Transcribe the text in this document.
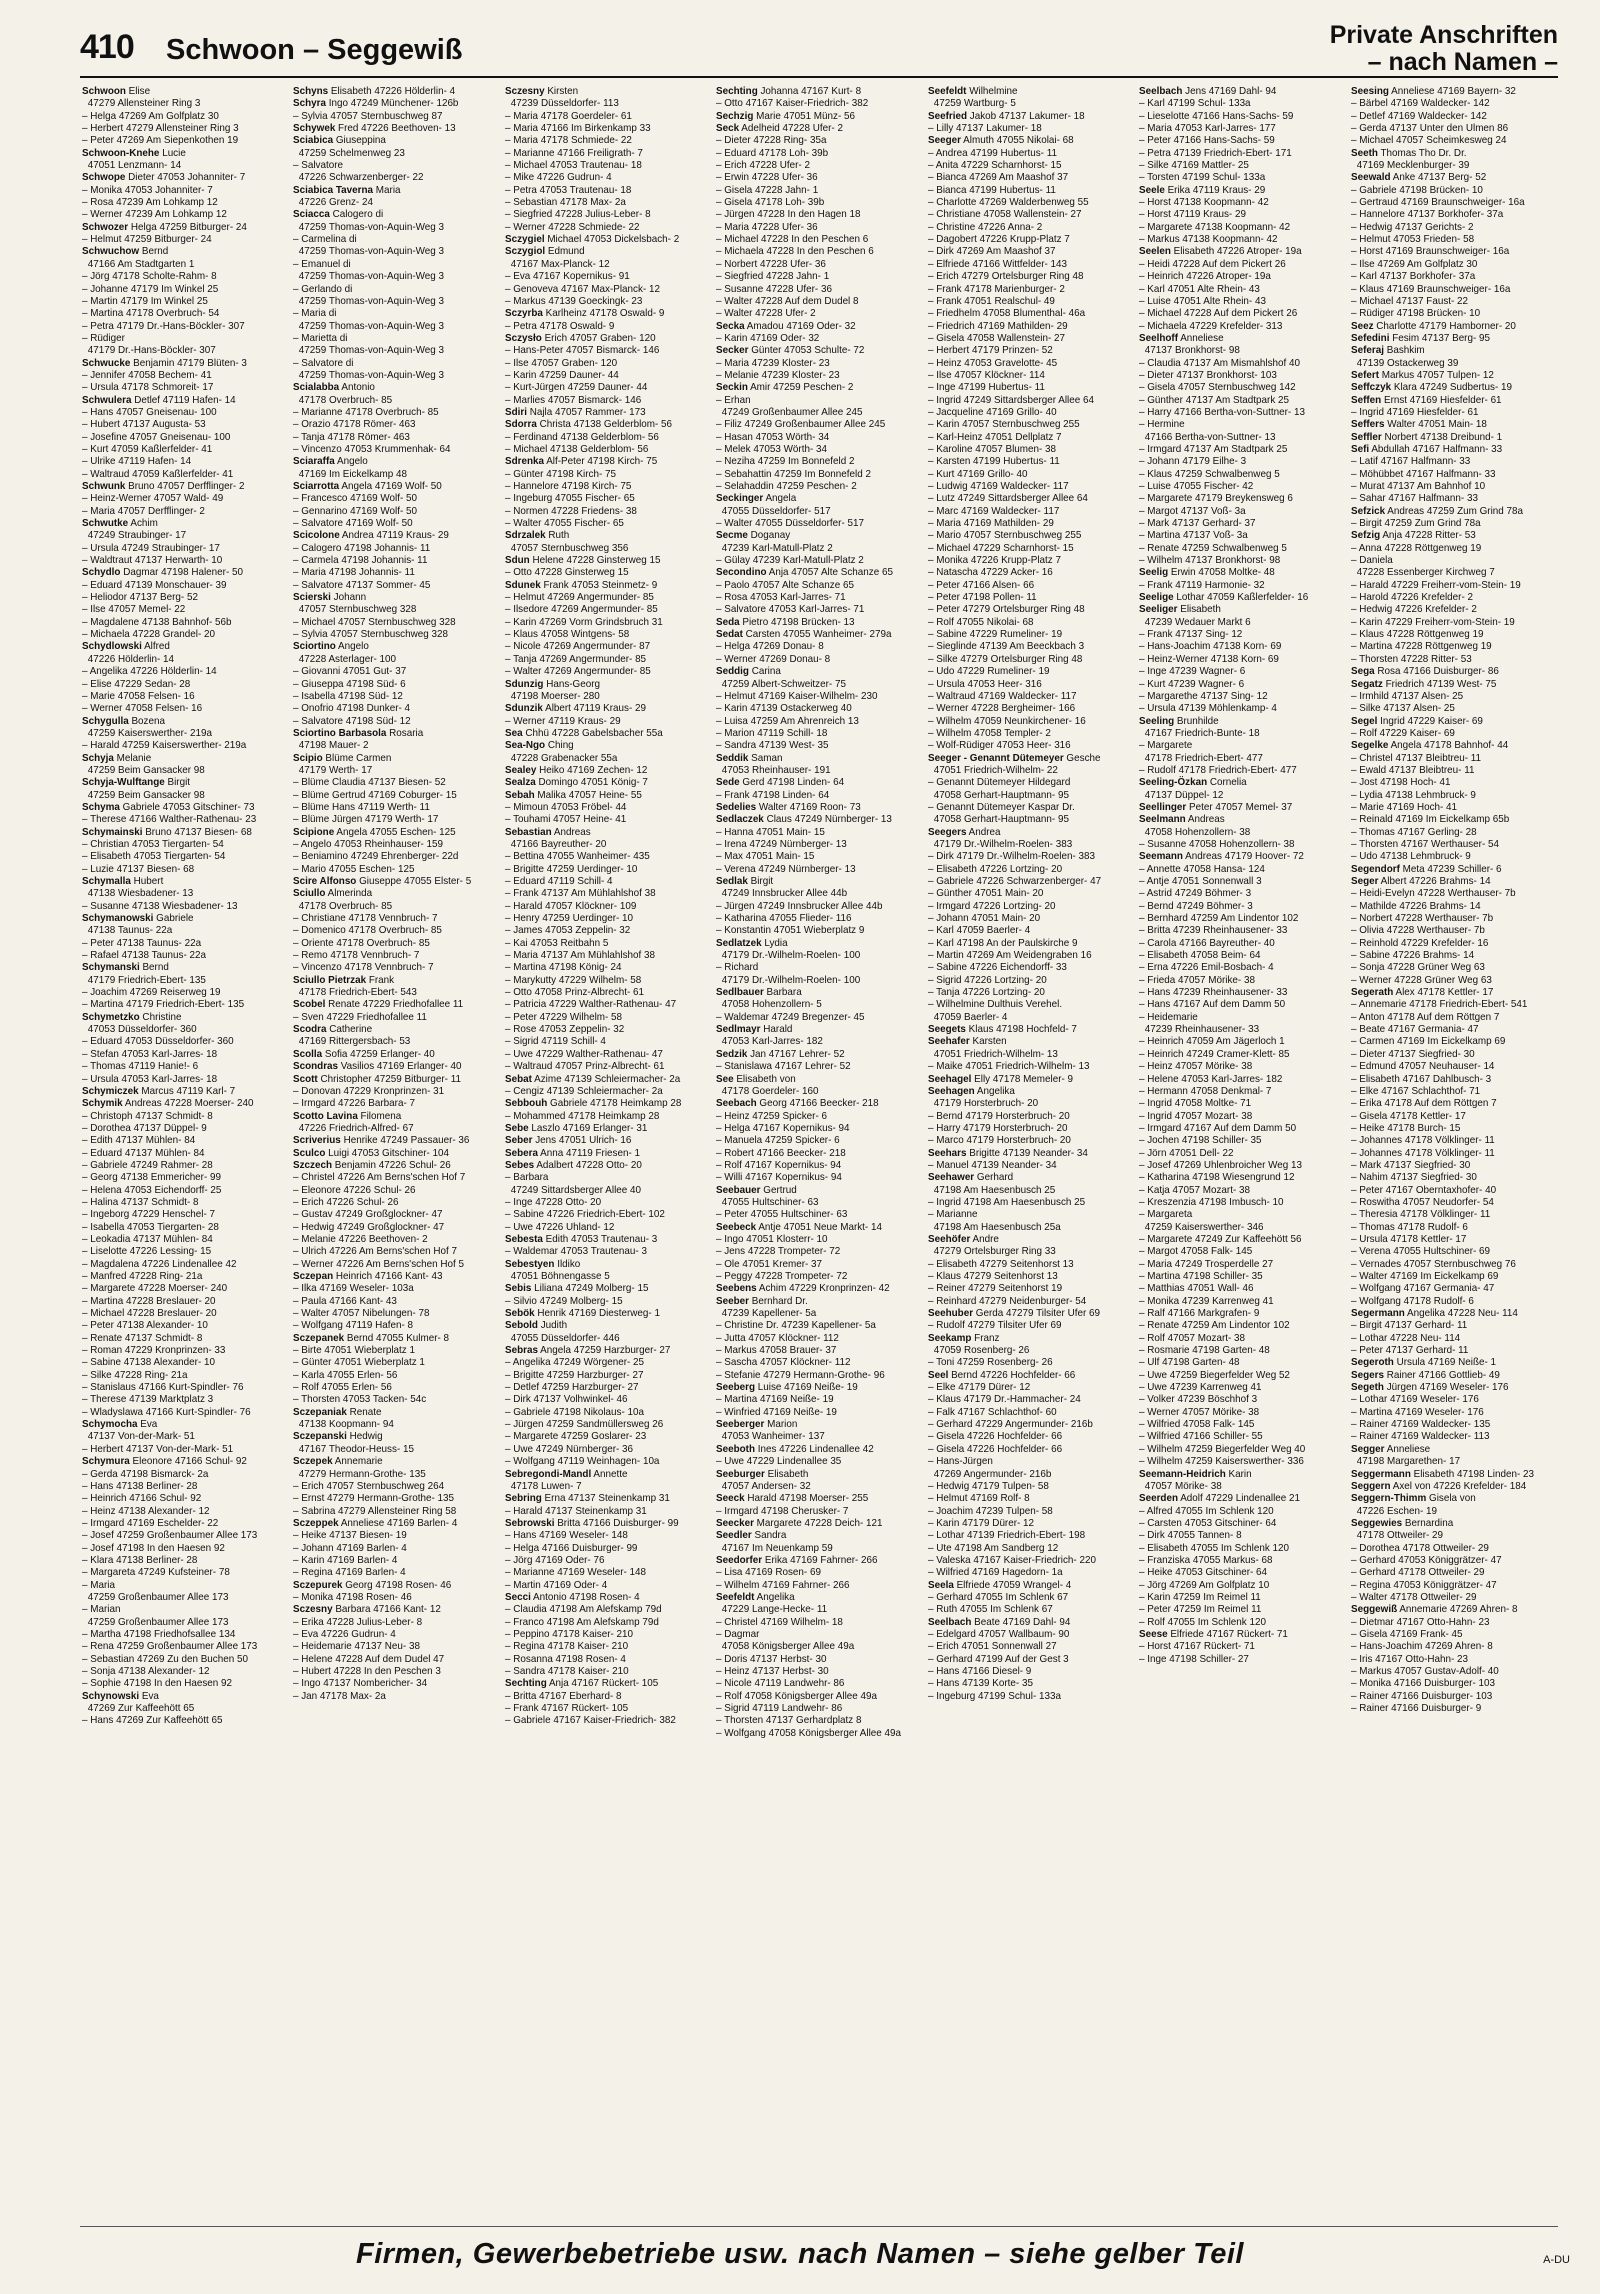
410 Schwoon – Seggewiß	Private Anschriften
– nach Namen –
Schwoon Elise
47279 Allensteiner Ring 3
– Helga 47269 Am Golfplatz 30
– Herbert 47279 Allensteiner Ring 3
– Peter 47269 Am Siepenkothen 19
Schwoon-Knehe Lucie
47051 Lenzmann- 14
Schwope Dieter 47053 Johanniter- 7
– Monika 47053 Johanniter- 7
– Rosa 47239 Am Lohkamp 12
– Werner 47239 Am Lohkamp 12
Schwozer Helga 47259 Bitburger- 24
– Helmut 47259 Bitburger- 24
Schwuchow Bernd
47166 Am Stadtgarten 1
– Jörg 47178 Scholte-Rahm- 8
– Johanne 47179 Im Winkel 25
– Martin 47179 Im Winkel 25
– Martina 47178 Overbruch- 54
– Petra 47179 Dr.-Hans-Böckler- 307
– Rüdiger
47179 Dr.-Hans-Böckler- 307
Schwucke Benjamin 47179 Blüten- 3
– Jennifer 47058 Bechem- 41
– Ursula 47178 Schmoreit- 17
Schwulera Detlef 47119 Hafen- 14
– Hans 47057 Gneisenau- 100
– Hubert 47137 Augusta- 53
– Josefine 47057 Gneisenau- 100
– Kurt 47059 Kaßlerfelder- 41
– Ulrike 47119 Hafen- 14
– Waltraud 47059 Kaßlerfelder- 41
Schwunk Bruno 47057 Derfflinger- 2
– Heinz-Werner 47057 Wald- 49
– Maria 47057 Derfflinger- 2
Schwutke Achim
47249 Straubinger- 17
– Ursula 47249 Straubinger- 17
– Waldtraut 47137 Herwarth- 10
Schydlo Dagmar 47198 Halener- 50
– Eduard 47139 Monschauer- 39
– Heliodor 47137 Berg- 52
– Ilse 47057 Memel- 22
– Magdalene 47138 Bahnhof- 56b
– Michaela 47228 Grandel- 20
Schydlowski Alfred
47226 Hölderlin- 14
– Angelika 47226 Hölderlin- 14
– Elise 47229 Sedan- 28
– Marie 47058 Felsen- 16
– Werner 47058 Felsen- 16
Schygulla Bozena
47259 Kaiserswerther- 219a
– Harald 47259 Kaiserswerther- 219a
Schyja Melanie
47259 Beim Gansacker 98
Schyja-Wulftange Birgit
47259 Beim Gansacker 98
Schyma Gabriele 47053 Gitschiner- 73
– Therese 47166 Walther-Rathenau- 23
Schymainski Bruno 47137 Biesen- 68
– Christian 47053 Tiergarten- 54
– Elisabeth 47053 Tiergarten- 54
– Luzie 47137 Biesen- 68
Schymalla Hubert
47138 Wiesbadener- 13
– Susanne 47138 Wiesbadener- 13
Schymanowski Gabriele
47138 Taunus- 22a
– Peter 47138 Taunus- 22a
– Rafael 47138 Taunus- 22a
Schymanski Bernd
47179 Friedrich-Ebert- 135
– Joachim 47269 Reiserweg 19
– Martina 47179 Friedrich-Ebert- 135
Schymetzko Christine
47053 Düsseldorfer- 360
– Eduard 47053 Düsseldorfer- 360
– Stefan 47053 Karl-Jarres- 18
– Thomas 47119 Hanie!- 6
– Ursula 47053 Karl-Jarres- 18
Schymiczek Marcus 47119 Karl- 7
Schymik Andreas 47228 Moerser- 240
– Christoph 47137 Schmidt- 8
– Dorothea 47137 Düppel- 9
– Edith 47137 Mühlen- 84
– Eduard 47137 Mühlen- 84
– Gabriele 47249 Rahmer- 28
– Georg 47138 Emmericher- 99
– Helena 47053 Eichendorff- 25
– Halina 47137 Schmidt- 8
– Ingeborg 47229 Henschel- 7
– Isabella 47053 Tiergarten- 28
– Leokadia 47137 Mühlen- 84
– Liselotte 47226 Lessing- 15
– Magdalena 47226 Lindenallee 42
– Manfred 47228 Ring- 21a
– Margarete 47228 Moerser- 240
– Martina 47228 Breslauer- 20
– Michael 47228 Breslauer- 20
– Peter 47138 Alexander- 10
– Renate 47137 Schmidt- 8
– Roman 47229 Kronprinzen- 33
– Sabine 47138 Alexander- 10
– Silke 47228 Ring- 21a
– Stanislaus 47166 Kurt-Spindler- 76
– Therese 47139 Marktplatz 3
– Wladyslawa 47166 Kurt-Spindler- 76
Schymocha Eva
47137 Von-der-Mark- 51
– Herbert 47137 Von-der-Mark- 51
Schymura Eleonore 47166 Schul- 92
– Gerda 47198 Bismarck- 2a
– Hans 47138 Berliner- 28
– Heinrich 47166 Schul- 92
– Heinz 47138 Alexander- 12
– Irmgard 47169 Eschelder- 22
– Josef 47259 Großenbaumer Allee 173
– Josef 47198 In den Haesen 92
– Klara 47138 Berliner- 28
– Margareta 47249 Kufsteiner- 78
– Maria
47259 Großenbaumer Allee 173
– Marian
47259 Großenbaumer Allee 173
– Martha 47198 Friedhofsallee 134
– Rena 47259 Großenbaumer Allee 173
– Sebastian 47269 Zu den Buchen 50
– Sonja 47138 Alexander- 12
– Sophie 47198 In den Haesen 92
Schynowski Eva
47269 Zur Kaffeehött 65
– Hans 47269 Zur Kaffeehött 65
Schyns Elisabeth 47226 Hölderlin- 4
Schyra Ingo 47249 Münchener- 126b
– Sylvia 47057 Sternbuschweg 87
Schywek Fred 47226 Beethoven- 13
Sciabica Giuseppina
47259 Schelmenweg 23
– Salvatore
47226 Schwarzenberger- 22
Sciabica Taverna Maria
47226 Grenz- 24
Sciacca Calogero di
47259 Thomas-von-Aquin-Weg 3
– Carmelina di
47259 Thomas-von-Aquin-Weg 3
– Emanuel di
47259 Thomas-von-Aquin-Weg 3
– Gerlando di
47259 Thomas-von-Aquin-Weg 3
– Maria di
47259 Thomas-von-Aquin-Weg 3
– Marietta di
47259 Thomas-von-Aquin-Weg 3
– Salvatore di
47259 Thomas-von-Aquin-Weg 3
Scialabba Antonio
47178 Overbruch- 85
– Marianne 47178 Overbruch- 85
– Orazio 47178 Römer- 463
– Tanja 47178 Römer- 463
– Vincenzo 47053 Krummenhak- 64
Sciaraffa Angelo
47169 Im Eickelkamp 48
Sciarrotta Angela 47169 Wolf- 50
– Francesco 47169 Wolf- 50
– Gennarino 47169 Wolf- 50
– Salvatore 47169 Wolf- 50
Scicolone Andrea 47119 Kraus- 29
– Calogero 47198 Johannis- 11
– Carmela 47198 Johannis- 11
– Maria 47198 Johannis- 11
– Salvatore 47137 Sommer- 45
Scierski Johann
47057 Sternbuschweg 328
– Michael 47057 Sternbuschweg 328
– Sylvia 47057 Sternbuschweg 328
Sciortino Angelo
47228 Asterlager- 100
– Giovanni 47051 Gut- 37
– Giuseppa 47198 Süd- 6
– Isabella 47198 Süd- 12
– Onofrio 47198 Dunker- 4
– Salvatore 47198 Süd- 12
Sciortino Barbasola Rosaria
47198 Mauer- 2
Scipio Blüme Carmen
47179 Werth- 17
– Blüme Claudia 47137 Biesen- 52
– Blüme Gertrud 47169 Coburger- 15
– Blüme Hans 47119 Werth- 11
– Blüme Jürgen 47179 Werth- 17
Scipione Angela 47055 Eschen- 125
– Angelo 47053 Rheinhauser- 159
– Beniamino 47249 Ehrenberger- 22d
– Mario 47055 Eschen- 125
Scire Alfonso Giuseppe 47055 Elster- 5
Sciullo Almerinda
47178 Overbruch- 85
– Christiane 47178 Vennbruch- 7
– Domenico 47178 Overbruch- 85
– Oriente 47178 Overbruch- 85
– Remo 47178 Vennbruch- 7
– Vincenzo 47178 Vennbruch- 7
Sciullo Pietrzak Frank
47178 Friedrich-Ebert- 543
Scobel Renate 47229 Friedhofallee 11
– Sven 47229 Friedhofallee 11
Scodra Catherine
47169 Rittergersbach- 53
Scolla Sofia 47259 Erlanger- 40
Scondras Vasilios 47169 Erlanger- 40
Scott Christopher 47259 Bitburger- 11
– Donovan 47229 Kronprinzen- 31
– Irmgard 47226 Barbara- 7
Scotto Lavina Filomena
47226 Friedrich-Alfred- 67
Scriverius Henrike 47249 Passauer- 36
Sculco Luigi 47053 Gitschiner- 104
Szczech Benjamin 47226 Schul- 26
– Christel 47226 Am Berns'schen Hof 7
– Eleonore 47226 Schul- 26
– Erich 47226 Schul- 26
– Gustav 47249 Großglockner- 47
– Hedwig 47249 Großglockner- 47
– Melanie 47226 Beethoven- 2
– Ulrich 47226 Am Berns'schen Hof 7
– Werner 47226 Am Berns'schen Hof 5
Sczepan Heinrich 47166 Kant- 43
– Ilka 47169 Weseler- 103a
– Paula 47166 Kant- 43
– Walter 47057 Nibelungen- 78
– Wolfgang 47119 Hafen- 8
Sczepanek Bernd 47055 Kulmer- 8
– Birte 47051 Wieberplatz 1
– Günter 47051 Wieberplatz 1
– Karla 47055 Erlen- 56
– Rolf 47055 Erlen- 56
– Thorsten 47053 Tacken- 54c
Sczepaniak Renate
47138 Koopmann- 94
Sczepanski Hedwig
47167 Theodor-Heuss- 15
Sczepek Annemarie
47279 Hermann-Grothe- 135
– Erich 47057 Sternbuschweg 264
– Ernst 47279 Hermann-Grothe- 135
– Sabrina 47279 Allensteiner Ring 58
Sczeppek Anneliese 47169 Barlen- 4
– Heike 47137 Biesen- 19
– Johann 47169 Barlen- 4
– Karin 47169 Barlen- 4
– Regina 47169 Barlen- 4
Sczepurek Georg 47198 Rosen- 46
– Monika 47198 Rosen- 46
Sczesny Barbara 47166 Kant- 12
– Erika 47228 Julius-Leber- 8
– Eva 47226 Gudrun- 4
– Heidemarie 47137 Neu- 38
– Helene 47228 Auf dem Dudel 47
– Hubert 47228 In den Peschen 3
– Ingo 47137 Nombericher- 34
– Jan 47178 Max- 2a
Sczesny Kirsten
47239 Düsseldorfer- 113
– Maria 47178 Goerdeler- 61
– Maria 47166 Im Birkenkamp 33
– Maria 47178 Schmiede- 22
– Marianne 47166 Freiligrath- 7
– Michael 47053 Trautenau- 18
– Mike 47226 Gudrun- 4
– Petra 47053 Trautenau- 18
– Sebastian 47178 Max- 2a
– Siegfried 47228 Julius-Leber- 8
– Werner 47228 Schmiede- 22
Sczygiel Michael 47053 Dickelsbach- 2
Sczygiol Edmund
47167 Max-Planck- 12
– Eva 47167 Kopernikus- 91
– Genoveva 47167 Max-Planck- 12
– Markus 47139 Goeckingk- 23
Sczyrba Karlheinz 47178 Oswald- 9
– Petra 47178 Oswald- 9
Sczysło Erich 47057 Graben- 120
– Hans-Peter 47057 Bismarck- 146
– Ilse 47057 Graben- 120
– Karin 47259 Dauner- 44
– Kurt-Jürgen 47259 Dauner- 44
– Marlies 47057 Bismarck- 146
Sdiri Najla 47057 Rammer- 173
Sdorra Christa 47138 Gelderblom- 56
– Ferdinand 47138 Gelderblom- 56
– Michael 47138 Gelderblom- 56
Sdrenka Alf-Peter 47198 Kirch- 75
– Günter 47198 Kirch- 75
– Hannelore 47198 Kirch- 75
– Ingeburg 47055 Fischer- 65
– Normen 47228 Friedens- 38
– Walter 47055 Fischer- 65
Sdrzalek Ruth
47057 Sternbuschweg 356
Sdun Helene 47228 Ginsterweg 15
– Otto 47228 Ginsterweg 15
Sdunek Frank 47053 Steinmetz- 9
– Helmut 47269 Angermunder- 85
– Ilsedore 47269 Angermunder- 85
– Karin 47269 Vorm Grindsbruch 31
– Klaus 47058 Wintgens- 58
– Nicole 47269 Angermunder- 87
– Tanja 47269 Angermunder- 85
– Walter 47269 Angermunder- 85
Sdunzig Hans-Georg
47198 Moerser- 280
Sdunzik Albert 47119 Kraus- 29
– Werner 47119 Kraus- 29
Sea Chhü 47228 Gabelsbacher 55a
Sea-Ngo Ching
47228 Grabenacker 55a
Sealey Heiko 47169 Zechen- 12
Sealza Domingo 47051 König- 7
Sebah Malika 47057 Heine- 55
– Mimoun 47053 Fröbel- 44
– Touhami 47057 Heine- 41
Sebastian Andreas
47166 Bayreuther- 20
– Bettina 47055 Wanheimer- 435
– Brigitte 47259 Uerdinger- 10
– Eduard 47119 Schill- 4
– Frank 47137 Am Mühlahlshof 38
– Harald 47057 Klöckner- 109
– Henry 47259 Uerdinger- 10
– James 47053 Zeppelin- 32
– Kai 47053 Reitbahn 5
– Maria 47137 Am Mühlahlshof 38
– Martina 47198 König- 24
– Marykutty 47229 Wilhelm- 58
– Otto 47058 Prinz-Albrecht- 61
– Patricia 47229 Walther-Rathenau- 47
– Peter 47229 Wilhelm- 58
– Rose 47053 Zeppelin- 32
– Sigrid 47119 Schill- 4
– Uwe 47229 Walther-Rathenau- 47
– Waltraud 47057 Prinz-Albrecht- 61
Sebat Azime 47139 Schleiermacher- 2a
– Cengiz 47139 Schleiermacher- 2a
Sebbouh Gabriele 47178 Heimkamp 28
– Mohammed 47178 Heimkamp 28
Sebe Laszlo 47169 Erlanger- 31
Seber Jens 47051 Ulrich- 16
Sebera Anna 47119 Friesen- 1
Sebes Adalbert 47228 Otto- 20
– Barbara
47249 Sittardsberger Allee 40
– Inge 47228 Otto- 20
– Sabine 47226 Friedrich-Ebert- 102
– Uwe 47226 Uhland- 12
Sebesta Edith 47053 Trautenau- 3
– Waldemar 47053 Trautenau- 3
Sebestyen Ildiko
47051 Böhnengasse 5
Sebis Liliana 47249 Molberg- 15
– Silvio 47249 Molberg- 15
Sebök Henrik 47169 Diesterweg- 1
Sebold Judith
47055 Düsseldorfer- 446
Sebras Angela 47259 Harzburger- 27
– Angelika 47249 Wörgener- 25
– Brigitte 47259 Harzburger- 27
– Detlef 47259 Harzburger- 27
– Dirk 47137 Volhwinkel- 46
– Gabriele 47198 Nikolaus- 10a
– Jürgen 47259 Sandmüllersweg 26
– Margarete 47259 Goslarer- 23
– Uwe 47249 Nürnberger- 36
– Wolfgang 47119 Weinhagen- 10a
Sebregondi-Mandl Annette
47178 Luwen- 7
Sebring Erna 47137 Steinenkamp 31
– Harald 47137 Steinenkamp 31
Sebrowski Britta 47166 Duisburger- 99
– Hans 47169 Weseler- 148
– Helga 47166 Duisburger- 99
– Jörg 47169 Oder- 76
– Marianne 47169 Weseler- 148
– Martin 47169 Oder- 4
Secci Antonio 47198 Rosen- 4
– Claudia 47198 Am Alefskamp 79d
– Franco 47198 Am Alefskamp 79d
– Peppino 47178 Kaiser- 210
– Regina 47178 Kaiser- 210
– Rosanna 47198 Rosen- 4
– Sandra 47178 Kaiser- 210
Sechting Anja 47167 Rückert- 105
– Britta 47167 Eberhard- 8
– Frank 47167 Rückert- 105
– Gabriele 47167 Kaiser-Friedrich- 382
Sechting Johanna 47167 Kurt- 8
– Otto 47167 Kaiser-Friedrich- 382
Sechzig Marie 47051 Münz- 56
Seck Adelheid 47228 Ufer- 2
– Dieter 47228 Ring- 35a
– Eduard 47178 Loh- 39b
– Erich 47228 Ufer- 2
– Erwin 47228 Ufer- 36
– Gisela 47228 Jahn- 1
– Gisela 47178 Loh- 39b
– Jürgen 47228 In den Hagen 18
– Maria 47228 Ufer- 36
– Michael 47228 In den Peschen 6
– Michaela 47228 In den Peschen 6
– Norbert 47228 Ufer- 36
– Siegfried 47228 Jahn- 1
– Susanne 47228 Ufer- 36
– Walter 47228 Auf dem Dudel 8
– Walter 47228 Ufer- 2
Secka Amadou 47169 Oder- 32
– Karin 47169 Oder- 32
Secker Günter 47053 Schulte- 72
– Maria 47239 Kloster- 23
– Melanie 47239 Kloster- 23
Seckin Amir 47259 Peschen- 2
– Erhan
47249 Großenbaumer Allee 245
– Filiz 47249 Großenbaumer Allee 245
– Hasan 47053 Wörth- 34
– Melek 47053 Wörth- 34
– Neziha 47259 Im Bonnefeld 2
– Sebahattin 47259 Im Bonnefeld 2
– Selahaddin 47259 Peschen- 2
Seckinger Angela
47055 Düsseldorfer- 517
– Walter 47055 Düsseldorfer- 517
Secme Doganay
47239 Karl-Matull-Platz 2
– Gülay 47239 Karl-Matull-Platz 2
Secondino Anja 47057 Alte Schanze 65
– Paolo 47057 Alte Schanze 65
– Rosa 47053 Karl-Jarres- 71
– Salvatore 47053 Karl-Jarres- 71
Seda Pietro 47198 Brücken- 13
Sedat Carsten 47055 Wanheimer- 279a
– Helga 47269 Donau- 8
– Werner 47269 Donau- 8
Seddig Carina
47259 Albert-Schweitzer- 75
– Helmut 47169 Kaiser-Wilhelm- 230
– Karin 47139 Ostackerweg 40
– Luisa 47259 Am Ahrenreich 13
– Marion 47119 Schill- 18
– Sandra 47139 West- 35
Seddik Saman
47053 Rheinhauser- 191
Sede Gerd 47198 Linden- 64
– Frank 47198 Linden- 64
Sedelies Walter 47169 Roon- 73
Sedlaczek Claus 47249 Nürnberger- 13
– Hanna 47051 Main- 15
– Irena 47249 Nürnberger- 13
– Max 47051 Main- 15
– Verena 47249 Nürnberger- 13
Sedlak Birgit
47249 Innsbrucker Allee 44b
– Jürgen 47249 Innsbrucker Allee 44b
– Katharina 47055 Flieder- 116
– Konstantin 47051 Wieberplatz 9
Sedlatzek Lydia
47179 Dr.-Wilhelm-Roelen- 100
– Richard
47179 Dr.-Wilhelm-Roelen- 100
Sedlbauer Barbara
47058 Hohenzollern- 5
– Waldemar 47249 Bregenzer- 45
Sedlmayr Harald
47053 Karl-Jarres- 182
Sedzik Jan 47167 Lehrer- 52
– Stanislawa 47167 Lehrer- 52
See Elisabeth von
47178 Goerdeler- 160
Seebach Georg 47166 Beecker- 218
– Heinz 47259 Spicker- 6
– Helga 47167 Kopernikus- 94
– Manuela 47259 Spicker- 6
– Robert 47166 Beecker- 218
– Rolf 47167 Kopernikus- 94
– Willi 47167 Kopernikus- 94
Seebauer Gertrud
47055 Hultschiner- 63
– Peter 47055 Hultschiner- 63
Seebeck Antje 47051 Neue Markt- 14
– Ingo 47051 Klosterr- 10
– Jens 47228 Trompeter- 72
– Ole 47051 Kremer- 37
– Peggy 47228 Trompeter- 72
Seebens Achim 47229 Kronprinzen- 42
Seeber Bernhard Dr.
47239 Kapellener- 5a
– Christine Dr. 47239 Kapellener- 5a
– Jutta 47057 Klöckner- 112
– Markus 47058 Brauer- 37
– Sascha 47057 Klöckner- 112
– Stefanie 47279 Hermann-Grothe- 96
Seeberg Luise 47169 Neiße- 19
– Martina 47169 Neiße- 19
– Winfried 47169 Neiße- 19
Seeberger Marion
47053 Wanheimer- 137
Seeboth Ines 47226 Lindenallee 42
– Uwe 47229 Lindenallee 35
Seeburger Elisabeth
47057 Andersen- 32
Seeck Harald 47198 Moerser- 255
– Irmgard 47198 Cherusker- 7
Seecker Margarete 47228 Deich- 121
Seedler Sandra
47167 Im Neuenkamp 59
Seedorfer Erika 47169 Fahrner- 266
– Lisa 47169 Rosen- 69
– Wilhelm 47169 Fahrner- 266
Seefeldt Angelika
47229 Lange-Hecke- 11
– Christel 47169 Wilhelm- 18
– Dagmar
47058 Königsberger Allee 49a
– Doris 47137 Herbst- 30
– Heinz 47137 Herbst- 30
– Nicole 47119 Landwehr- 86
– Rolf 47058 Königsberger Allee 49a
– Sigrid 47119 Landwehr- 86
– Thorsten 47137 Gerhardplatz 8
– Wolfgang 47058 Königsberger Allee 49a
Seefeldt Wilhelmine
47259 Wartburg- 5
Seefried Jakob 47137 Lakumer- 18
– Lilly 47137 Lakumer- 18
Seeger Almuth 47055 Nikolai- 68
– Andrea 47199 Hubertus- 11
– Anita 47229 Scharnhorst- 15
– Bianca 47269 Am Maashof 37
– Bianca 47199 Hubertus- 11
– Charlotte 47269 Walderbenweg 55
– Christiane 47058 Wallenstein- 27
– Christine 47226 Anna- 2
– Dagobert 47226 Krupp-Platz 7
– Dirk 47269 Am Maashof 37
– Elfriede 47166 Wittfelder- 143
– Erich 47279 Ortelsburger Ring 48
– Frank 47178 Marienburger- 2
– Frank 47051 Realschul- 49
– Friedhelm 47058 Blumenthal- 46a
– Friedrich 47169 Mathilden- 29
– Gisela 47058 Wallenstein- 27
– Herbert 47179 Prinzen- 52
– Heinz 47053 Gravelotte- 45
– Ilse 47057 Klöckner- 114
– Inge 47199 Hubertus- 11
– Ingrid 47249 Sittardsberger Allee 64
– Jacqueline 47169 Grillo- 40
– Karin 47057 Sternbuschweg 255
– Karl-Heinz 47051 Dellplatz 7
– Karoline 47057 Blumen- 38
– Karsten 47199 Hubertus- 11
– Kurt 47169 Grillo- 40
– Ludwig 47169 Waldecker- 117
– Lutz 47249 Sittardsberger Allee 64
– Marc 47169 Waldecker- 117
– Maria 47169 Mathilden- 29
– Mario 47057 Sternbuschweg 255
– Michael 47229 Scharnhorst- 15
– Monika 47226 Krupp-Platz 7
– Natascha 47229 Acker- 16
– Peter 47166 Alsen- 66
– Peter 47198 Pollen- 11
– Peter 47279 Ortelsburger Ring 48
– Rolf 47055 Nikolai- 68
– Sabine 47229 Rumeliner- 19
– Sieglinde 47139 Am Beeckbach 3
– Silke 47279 Ortelsburger Ring 48
– Udo 47229 Rumeliner- 19
– Ursula 47053 Heer- 316
– Waltraud 47169 Waldecker- 117
– Werner 47228 Bergheimer- 166
– Wilhelm 47059 Neunkirchener- 16
– Wilhelm 47058 Templer- 2
– Wolf-Rüdiger 47053 Heer- 316
Seeger - Genannt Dütemeyer Gesche
47051 Friedrich-Wilhelm- 22
– Genannt Dütemeyer Hildegard
47058 Gerhart-Hauptmann- 95
– Genannt Dütemeyer Kaspar Dr.
47058 Gerhart-Hauptmann- 95
Seegers Andrea
47179 Dr.-Wilhelm-Roelen- 383
– Dirk 47179 Dr.-Wilhelm-Roelen- 383
– Elisabeth 47226 Lortzing- 20
– Gabriele 47226 Schwarzenberger- 47
– Günther 47051 Main- 20
– Irmgard 47226 Lortzing- 20
– Johann 47051 Main- 20
– Karl 47059 Baerler- 4
– Karl 47198 An der Paulskirche 9
– Martin 47269 Am Weidengraben 16
– Sabine 47226 Eichendorff- 33
– Sigrid 47226 Lortzing- 20
– Tanja 47226 Lortzing- 20
– Wilhelmine Dulthuis Verehel.
47059 Baerler- 4
Seegets Klaus 47198 Hochfeld- 7
Seehafer Karsten
47051 Friedrich-Wilhelm- 13
– Maike 47051 Friedrich-Wilhelm- 13
Seehagel Elly 47178 Memeler- 9
Seehagen Angelika
47179 Horsterbruch- 20
– Bernd 47179 Horsterbruch- 20
– Harry 47179 Horsterbruch- 20
– Marco 47179 Horsterbruch- 20
Seehars Brigitte 47139 Neander- 34
– Manuel 47139 Neander- 34
Seehawer Gerhard
47198 Am Haesenbusch 25
– Ingrid 47198 Am Haesenbusch 25
– Marianne
47198 Am Haesenbusch 25a
Seehöfer Andre
47279 Ortelsburger Ring 33
– Elisabeth 47279 Seitenhorst 13
– Klaus 47279 Seitenhorst 13
– Reiner 47279 Seitenhorst 19
– Reinhard 47279 Neidenburger- 54
Seehuber Gerda 47279 Tilsiter Ufer 69
– Rudolf 47279 Tilsiter Ufer 69
Seekamp Franz
47059 Rosenberg- 26
– Toni 47259 Rosenberg- 26
Seel Bernd 47226 Hochfelder- 66
– Elke 47179 Dürer- 12
– Klaus 47179 Dr.-Hammacher- 24
– Falk 47167 Schlachthof- 60
– Gerhard 47229 Angermunder- 216b
– Gisela 47226 Hochfelder- 66
– Gisela 47226 Hochfelder- 66
– Hans-Jürgen
47269 Angermunder- 216b
– Hedwig 47179 Tulpen- 58
– Helmut 47169 Rolf- 8
– Joachim 47239 Tulpen- 58
– Karin 47179 Dürer- 12
– Lothar 47139 Friedrich-Ebert- 198
– Ute 47198 Am Sandberg 12
– Valeska 47167 Kaiser-Friedrich- 220
– Wilfried 47169 Hagedorn- 1a
Seela Elfriede 47059 Wrangel- 4
– Gerhard 47055 Im Schlenk 67
– Ruth 47055 Im Schlenk 67
Seelbach Beate 47169 Dahl- 94
– Edelgard 47057 Wallbaum- 90
– Erich 47051 Sonnenwall 27
– Gerhard 47199 Auf der Gest 3
– Hans 47166 Diesel- 9
– Hans 47139 Korte- 35
– Ingeburg 47199 Schul- 133a
Seelbach Jens 47169 Dahl- 94
– Karl 47199 Schul- 133a
– Lieselotte 47166 Hans-Sachs- 59
– Maria 47053 Karl-Jarres- 177
– Peter 47166 Hans-Sachs- 59
– Petra 47139 Friedrich-Ebert- 171
– Silke 47169 Mattler- 25
– Torsten 47199 Schul- 133a
Seele Erika 47119 Kraus- 29
– Horst 47138 Koopmann- 42
– Horst 47119 Kraus- 29
– Margarete 47138 Koopmann- 42
– Markus 47138 Koopmann- 42
Seelen Elisabeth 47226 Atroper- 19a
– Heidi 47228 Auf dem Pickert 26
– Heinrich 47226 Atroper- 19a
– Karl 47051 Alte Rhein- 43
– Luise 47051 Alte Rhein- 43
– Michael 47228 Auf dem Pickert 26
– Michaela 47229 Krefelder- 313
Seelhoff Anneliese
47137 Bronkhorst- 98
– Claudia 47137 Am Mismahlshof 40
– Dieter 47137 Bronkhorst- 103
– Gisela 47057 Sternbuschweg 142
– Günther 47137 Am Stadtpark 25
– Harry 47166 Bertha-von-Suttner- 13
– Hermine
47166 Bertha-von-Suttner- 13
– Irmgard 47137 Am Stadtpark 25
– Johann 47179 Eilhe- 3
– Klaus 47259 Schwalbenweg 5
– Luise 47055 Fischer- 42
– Margarete 47179 Breykensweg 6
– Margot 47137 Voß- 3a
– Mark 47137 Gerhard- 37
– Martina 47137 Voß- 3a
– Renate 47259 Schwalbenweg 5
– Wilhelm 47137 Bronkhorst- 98
Seelig Erwin 47058 Moltke- 48
– Frank 47119 Harmonie- 32
Seelige Lothar 47059 Kaßlerfelder- 16
Seeliger Elisabeth
47239 Wedauer Markt 6
– Frank 47137 Sing- 12
– Hans-Joachim 47138 Korn- 69
– Heinz-Werner 47138 Korn- 69
– Inge 47239 Wagner- 6
– Kurt 47239 Wagner- 6
– Margarethe 47137 Sing- 12
– Ursula 47139 Möhlenkamp- 4
Seeling Brunhilde
47167 Friedrich-Bunte- 18
– Margarete
47178 Friedrich-Ebert- 477
– Rudolf 47178 Friedrich-Ebert- 477
Seeling-Özkan Cornelia
47137 Düppel- 12
Seellinger Peter 47057 Memel- 37
Seelmann Andreas
47058 Hohenzollern- 38
– Susanne 47058 Hohenzollern- 38
Seemann Andreas 47179 Hoover- 72
– Annette 47058 Hansa- 124
– Antje 47051 Sonnenwall 3
– Astrid 47249 Böhmer- 3
– Bernd 47249 Böhmer- 3
– Bernhard 47259 Am Lindentor 102
– Britta 47239 Rheinhausener- 33
– Carola 47166 Bayreuther- 40
– Elisabeth 47058 Beim- 64
– Erna 47226 Emil-Bosbach- 4
– Frieda 47057 Mörike- 38
– Hans 47239 Rheinhausener- 33
– Hans 47167 Auf dem Damm 50
– Heidemarie
47239 Rheinhausener- 33
– Heinrich 47059 Am Jägerloch 1
– Heinrich 47249 Cramer-Klett- 85
– Heinz 47057 Mörike- 38
– Helene 47053 Karl-Jarres- 182
– Hermann 47058 Denkmal- 7
– Ingrid 47058 Moltke- 71
– Ingrid 47057 Mozart- 38
– Irmgard 47167 Auf dem Damm 50
– Jochen 47198 Schiller- 35
– Jörn 47051 Dell- 22
– Josef 47269 Uhlenbroicher Weg 13
– Katharina 47198 Wiesengrund 12
– Katja 47057 Mozart- 38
– Kreszenzia 47198 Imbusch- 10
– Margareta
47259 Kaiserswerther- 346
– Margarete 47249 Zur Kaffeehött 56
– Margot 47058 Falk- 145
– Maria 47249 Trosperdelle 27
– Martina 47198 Schiller- 35
– Matthias 47051 Wall- 46
– Monika 47239 Karrenweg 41
– Ralf 47166 Markgrafen- 9
– Renate 47259 Am Lindentor 102
– Rolf 47057 Mozart- 38
– Rosmarie 47198 Garten- 48
– Ulf 47198 Garten- 48
– Uwe 47259 Biegerfelder Weg 52
– Uwe 47239 Karrenweg 41
– Volker 47239 Böschhof 3
– Werner 47057 Mörike- 38
– Wilfried 47058 Falk- 145
– Wilfried 47166 Schiller- 55
– Wilhelm 47259 Biegerfelder Weg 40
– Wilhelm 47259 Kaiserswerther- 336
Seemann-Heidrich Karin
47057 Mörike- 38
Seerden Adolf 47229 Lindenallee 21
– Alfred 47055 Im Schlenk 120
– Carsten 47053 Gitschiner- 64
– Dirk 47055 Tannen- 8
– Elisabeth 47055 Im Schlenk 120
– Franziska 47055 Markus- 68
– Heike 47053 Gitschiner- 64
– Jörg 47269 Am Golfplatz 10
– Karin 47259 Im Reimel 11
– Peter 47259 Im Reimel 11
– Rolf 47055 Im Schlenk 120
Seese Elfriede 47167 Rückert- 71
– Horst 47167 Rückert- 71
– Inge 47198 Schiller- 27
Seesing Anneliese 47169 Bayern- 32
– Bärbel 47169 Waldecker- 142
– Detlef 47169 Waldecker- 142
– Gerda 47137 Unter den Ulmen 86
– Michael 47057 Scheimkesweg 24
Seeth Thomas Tho Dr. Dr.
47169 Mecklenburger- 39
Seewald Anke 47137 Berg- 52
– Gabriele 47198 Brücken- 10
– Gertraud 47169 Braunschweiger- 16a
– Hannelore 47137 Borkhofer- 37a
– Hedwig 47137 Gerichts- 2
– Helmut 47053 Frieden- 58
– Horst 47169 Braunschweiger- 16a
– Ilse 47269 Am Golfplatz 30
– Karl 47137 Borkhofer- 37a
– Klaus 47169 Braunschweiger- 16a
– Michael 47137 Faust- 22
– Rüdiger 47198 Brücken- 10
Seez Charlotte 47179 Hamborner- 20
Sefedini Fesim 47137 Berg- 95
Seferaj Bashkim
47139 Ostackerweg 39
Sefert Markus 47057 Tulpen- 12
Seffczyk Klara 47249 Sudbertus- 19
Seffen Ernst 47169 Hiesfelder- 61
– Ingrid 47169 Hiesfelder- 61
Seffers Walter 47051 Main- 18
Seffler Norbert 47138 Dreibund- 1
Sefi Abdullah 47167 Halfmann- 33
– Latif 47167 Halfmann- 33
– Möhübbet 47167 Halfmann- 33
– Murat 47137 Am Bahnhof 10
– Sahar 47167 Halfmann- 33
Sefzick Andreas 47259 Zum Grind 78a
– Birgit 47259 Zum Grind 78a
Sefzig Anja 47228 Ritter- 53
– Anna 47228 Röttgenweg 19
– Daniela
47228 Essenberger Kirchweg 7
– Harald 47229 Freiherr-vom-Stein- 19
– Harold 47226 Krefelder- 2
– Hedwig 47226 Krefelder- 2
– Karin 47229 Freiherr-vom-Stein- 19
– Klaus 47228 Röttgenweg 19
– Martina 47228 Röttgenweg 19
– Thorsten 47228 Ritter- 53
Sega Rosa 47166 Duisburger- 86
Segatz Friedrich 47139 West- 75
– Irmhild 47137 Alsen- 25
– Silke 47137 Alsen- 25
Segel Ingrid 47229 Kaiser- 69
– Rolf 47229 Kaiser- 69
Segelke Angela 47178 Bahnhof- 44
– Christel 47137 Bleibtreu- 11
– Ewald 47137 Bleibtreu- 11
– Jost 47198 Hoch- 41
– Lydia 47138 Lehmbruck- 9
– Marie 47169 Hoch- 41
– Reinald 47169 Im Eickelkamp 65b
– Thomas 47167 Gerling- 28
– Thorsten 47167 Werthauser- 54
– Udo 47138 Lehmbruck- 9
Segendorf Meta 47239 Schiller- 6
Seger Albert 47226 Brahms- 14
– Heidi-Evelyn 47228 Werthauser- 7b
– Mathilde 47226 Brahms- 14
– Norbert 47228 Werthauser- 7b
– Olivia 47228 Werthauser- 7b
– Reinhold 47229 Krefelder- 16
– Sabine 47226 Brahms- 14
– Sonja 47228 Grüner Weg 63
– Werner 47228 Grüner Weg 63
Segerath Alex 47178 Kettler- 17
– Annemarie 47178 Friedrich-Ebert- 541
– Anton 47178 Auf dem Röttgen 7
– Beate 47167 Germania- 47
– Carmen 47169 Im Eickelkamp 69
– Dieter 47137 Siegfried- 30
– Edmund 47057 Neuhauser- 14
– Elisabeth 47167 Dahlbusch- 3
– Elke 47167 Schlachthof- 71
– Erika 47178 Auf dem Röttgen 7
– Gisela 47178 Kettler- 17
– Heike 47178 Burch- 15
– Johannes 47178 Völklinger- 11
– Johannes 47178 Völklinger- 11
– Mark 47137 Siegfried- 30
– Nahim 47137 Siegfried- 30
– Peter 47167 Oberntaxhofer- 40
– Roswitha 47057 Neudorfer- 54
– Theresia 47178 Völklinger- 11
– Thomas 47178 Rudolf- 6
– Ursula 47178 Kettler- 17
– Verena 47055 Hultschiner- 69
– Vernades 47057 Sternbuschweg 76
– Walter 47169 Im Eickelkamp 69
– Wolfgang 47167 Germania- 47
– Wolfgang 47178 Rudolf- 6
Segermann Angelika 47228 Neu- 114
– Birgit 47137 Gerhard- 11
– Lothar 47228 Neu- 114
– Peter 47137 Gerhard- 11
Segeroth Ursula 47169 Neiße- 1
Segers Rainer 47166 Gottlieb- 49
Segeth Jürgen 47169 Weseler- 176
– Lothar 47169 Weseler- 176
– Martina 47169 Weseler- 176
– Rainer 47169 Waldecker- 135
– Rainer 47169 Waldecker- 113
Segger Anneliese
47198 Margarethen- 17
Seggermann Elisabeth 47198 Linden- 23
Seggern Axel von 47226 Krefelder- 184
Seggern-Thimm Gisela von
47226 Eschen- 19
Seggewies Bernardina
47178 Ottweiler- 29
– Dorothea 47178 Ottweiler- 29
– Gerhard 47053 Königgrätzer- 47
– Gerhard 47178 Ottweiler- 29
– Regina 47053 Königgrätzer- 47
– Walter 47178 Ottweiler- 29
Seggewiß Annemarie 47269 Ahren- 8
– Dietmar 47167 Otto-Hahn- 23
– Gisela 47169 Frank- 45
– Hans-Joachim 47269 Ahren- 8
– Iris 47167 Otto-Hahn- 23
– Markus 47057 Gustav-Adolf- 40
– Monika 47166 Duisburger- 103
– Rainer 47166 Duisburger- 103
– Rainer 47166 Duisburger- 9
Firmen, Gewerbebetriebe usw. nach Namen – siehe gelber Teil	A-DU
